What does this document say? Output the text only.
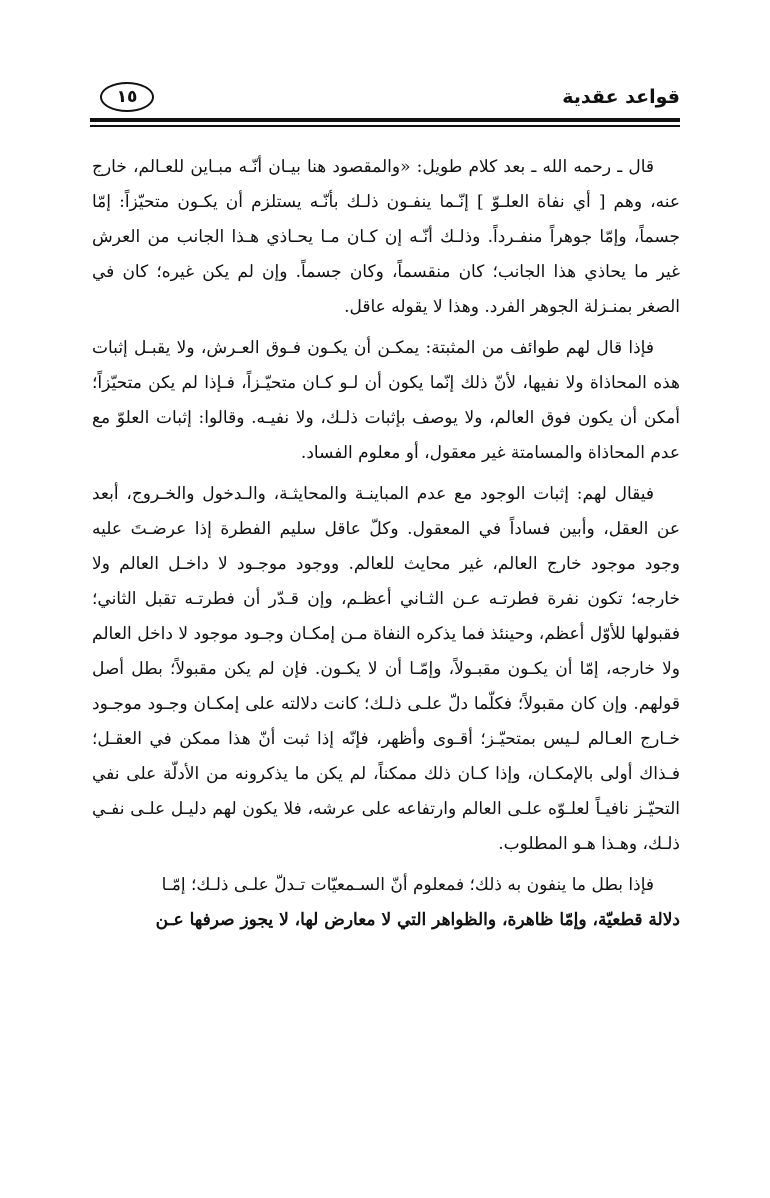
قواعد عقدية
١٥

قال ـ رحمه الله ـ بعد كلام طويل: «والمقصود هنا بيـان أنّـه مبـاين للعـالم، خارج عنه، وهم [ أي نفاة العلـوّ ] إنّـما ينفـون ذلـك بأنّـه يستلزم أن يكـون متحيّزاً: إمّا جسماً، وإمّا جوهراً منفـرداً. وذلـك أنّـه إن كـان مـا يحـاذي هـذا الجانب من العرش غير ما يحاذي هذا الجانب؛ كان منقسماً، وكان جسماً. وإن لم يكن غيره؛ كان في الصغر بمنـزلة الجوهر الفرد. وهذا لا يقوله عاقل.

فإذا قال لهم طوائف من المثبتة: يمكـن أن يكـون فـوق العـرش، ولا يقبـل إثبات هذه المحاذاة ولا نفيها، لأنّ ذلك إنّما يكون أن لـو كـان متحيّـزاً، فـإذا لم يكن متحيّزاً؛ أمكن أن يكون فوق العالم، ولا يوصف بإثبات ذلـك، ولا نفيـه. وقالوا: إثبات العلوّ مع عدم المحاذاة والمسامتة غير معقول، أو معلوم الفساد.

فيقال لهم: إثبات الوجود مع عدم المباينـة والمحايثـة، والـدخول والخـروج، أبعد عن العقل، وأبين فساداً في المعقول. وكلّ عاقل سليم الفطرة إذا عرضـتَ عليه وجود موجود خارج العالم، غير محايث للعالم. ووجود موجـود لا داخـل العالم ولا خارجه؛ تكون نفرة فطرتـه عـن الثـاني أعظـم، وإن قـدّر أن فطرتـه تقبل الثاني؛ فقبولها للأوّل أعظم، وحينئذ فما يذكره النفاة مـن إمكـان وجـود موجود لا داخل العالم ولا خارجه، إمّا أن يكـون مقبـولاً، وإمّـا أن لا يكـون. فإن لم يكن مقبولاً؛ بطل أصل قولهم. وإن كان مقبولاً؛ فكلّما دلّ علـى ذلـك؛ كانت دلالته على إمكـان وجـود موجـود خـارج العـالم لـيس بمتحيّـز؛ أقـوى وأظهر، فإنّه إذا ثبت أنّ هذا ممكن في العقـل؛ فـذاك أولى بالإمكـان، وإذا كـان ذلك ممكناً، لم يكن ما يذكرونه من الأدلّة على نفي التحيّـز نافيـاً لعلـوّه علـى العالم وارتفاعه على عرشه، فلا يكون لهم دليـل علـى نفـي ذلـك، وهـذا هـو المطلوب.

فإذا بطل ما ينفون به ذلك؛ فمعلوم أنّ السـمعيّات تـدلّ علـى ذلـك؛ إمّـا

دلالة قطعيّة، وإمّا ظاهرة، والظواهر التي لا معارض لها، لا يجوز صرفها عـن
